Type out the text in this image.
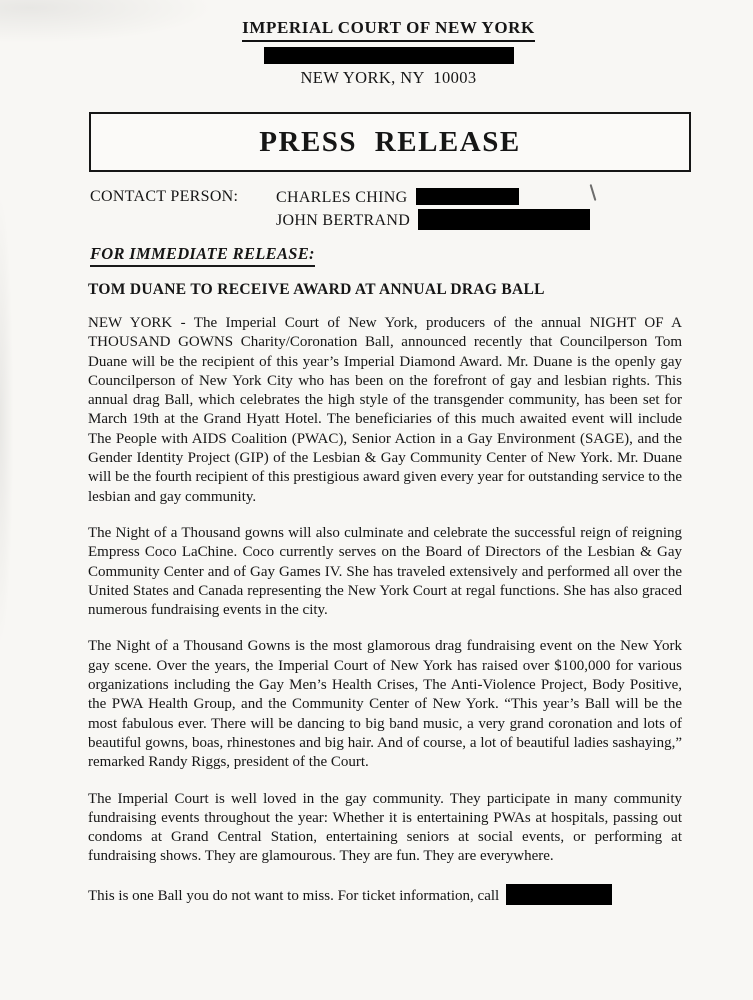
IMPERIAL COURT OF NEW YORK
NEW YORK, NY  10003
PRESS RELEASE
CONTACT PERSON:	CHARLES CHING
JOHN BERTRAND
FOR IMMEDIATE RELEASE:
TOM DUANE TO RECEIVE AWARD AT ANNUAL DRAG BALL

NEW YORK - The Imperial Court of New York, producers of the annual NIGHT OF A THOUSAND GOWNS Charity/Coronation Ball, announced recently that Councilperson Tom Duane will be the recipient of this year’s Imperial Diamond Award. Mr. Duane is the openly gay Councilperson of New York City who has been on the forefront of gay and lesbian rights. This annual drag Ball, which celebrates the high style of the transgender community, has been set for March 19th at the Grand Hyatt Hotel. The beneficiaries of this much awaited event will include The People with AIDS Coalition (PWAC), Senior Action in a Gay Environment (SAGE), and the Gender Identity Project (GIP) of the Lesbian & Gay Community Center of New York. Mr. Duane will be the fourth recipient of this prestigious award given every year for outstanding service to the lesbian and gay community.

The Night of a Thousand gowns will also culminate and celebrate the successful reign of reigning Empress Coco LaChine. Coco currently serves on the Board of Directors of the Lesbian & Gay Community Center and of Gay Games IV. She has traveled extensively and performed all over the United States and Canada representing the New York Court at regal functions. She has also graced numerous fundraising events in the city.

The Night of a Thousand Gowns is the most glamorous drag fundraising event on the New York gay scene. Over the years, the Imperial Court of New York has raised over $100,000 for various organizations including the Gay Men’s Health Crises, The Anti-Violence Project, Body Positive, the PWA Health Group, and the Community Center of New York. “This year’s Ball will be the most fabulous ever. There will be dancing to big band music, a very grand coronation and lots of beautiful gowns, boas, rhinestones and big hair. And of course, a lot of beautiful ladies sashaying,” remarked Randy Riggs, president of the Court.

The Imperial Court is well loved in the gay community. They participate in many community fundraising events throughout the year: Whether it is entertaining PWAs at hospitals, passing out condoms at Grand Central Station, entertaining seniors at social events, or performing at fundraising shows. They are glamourous. They are fun. They are everywhere.

This is one Ball you do not want to miss. For ticket information, call
